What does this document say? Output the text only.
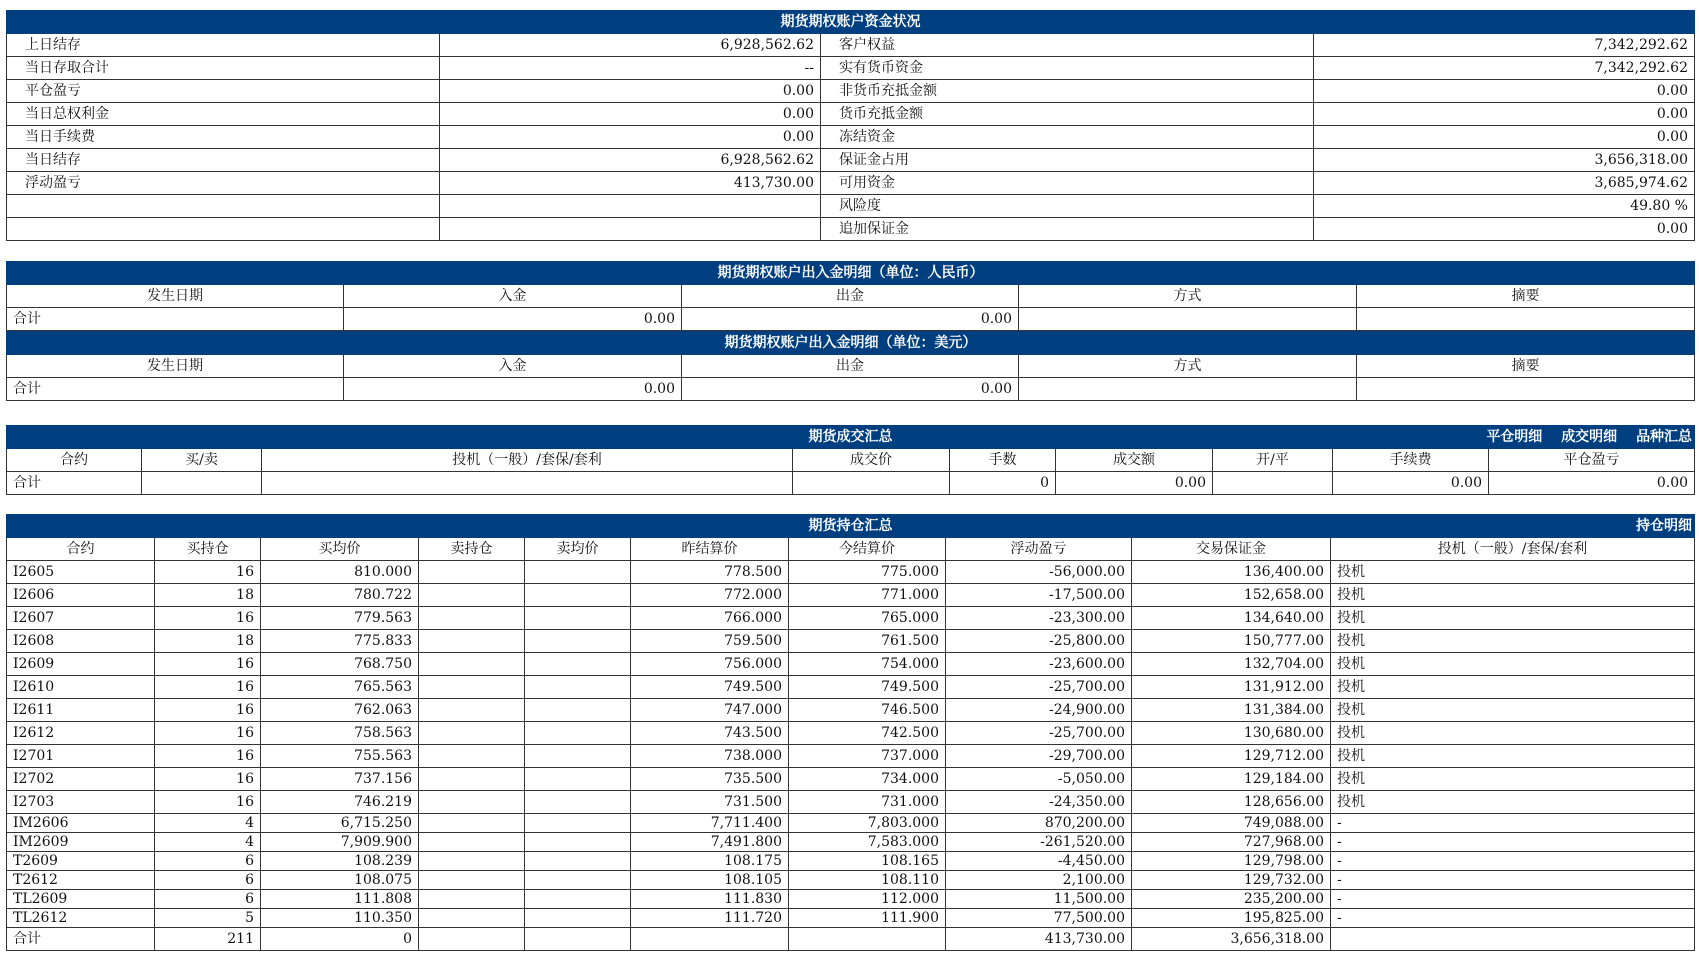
期货期权账户资金状况			
上日结存	6,928,562.62	客户权益	7,342,292.62
当日存取合计	--	实有货币资金	7,342,292.62
平仓盈亏	0.00	非货币充抵金额	0.00
当日总权利金	0.00	货币充抵金额	0.00
当日手续费	0.00	冻结资金	0.00
当日结存	6,928,562.62	保证金占用	3,656,318.00
浮动盈亏	413,730.00	可用资金	3,685,974.62
		风险度	49.80 %
		追加保证金	0.00
期货期权账户出入金明细（单位：人民币）				
发生日期	入金	出金	方式	摘要
合计	0.00	0.00		
期货期权账户出入金明细（单位：美元）				
发生日期	入金	出金	方式	摘要
合计	0.00	0.00		
期货成交汇总 平仓明细 成交明细 品种汇总								

合约	买/卖	投机（一般）/套保/套利	成交价	手数	成交额	开/平	手续费	平仓盈亏
合计				0	0.00		0.00	0.00
期货持仓汇总 持仓明细									

合约	买持仓	买均价	卖持仓	卖均价	昨结算价	今结算价	浮动盈亏	交易保证金	投机（一般）/套保/套利
I2605	16	810.000			778.500	775.000	-56,000.00	136,400.00	投机
I2606	18	780.722			772.000	771.000	-17,500.00	152,658.00	投机
I2607	16	779.563			766.000	765.000	-23,300.00	134,640.00	投机
I2608	18	775.833			759.500	761.500	-25,800.00	150,777.00	投机
I2609	16	768.750			756.000	754.000	-23,600.00	132,704.00	投机
I2610	16	765.563			749.500	749.500	-25,700.00	131,912.00	投机
I2611	16	762.063			747.000	746.500	-24,900.00	131,384.00	投机
I2612	16	758.563			743.500	742.500	-25,700.00	130,680.00	投机
I2701	16	755.563			738.000	737.000	-29,700.00	129,712.00	投机
I2702	16	737.156			735.500	734.000	-5,050.00	129,184.00	投机
I2703	16	746.219			731.500	731.000	-24,350.00	128,656.00	投机
IM2606	4	6,715.250			7,711.400	7,803.000	870,200.00	749,088.00	-
IM2609	4	7,909.900			7,491.800	7,583.000	-261,520.00	727,968.00	-
T2609	6	108.239			108.175	108.165	-4,450.00	129,798.00	-
T2612	6	108.075			108.105	108.110	2,100.00	129,732.00	-
TL2609	6	111.808			111.830	112.000	11,500.00	235,200.00	-
TL2612	5	110.350			111.720	111.900	77,500.00	195,825.00	-
合计	211	0					413,730.00	3,656,318.00	
